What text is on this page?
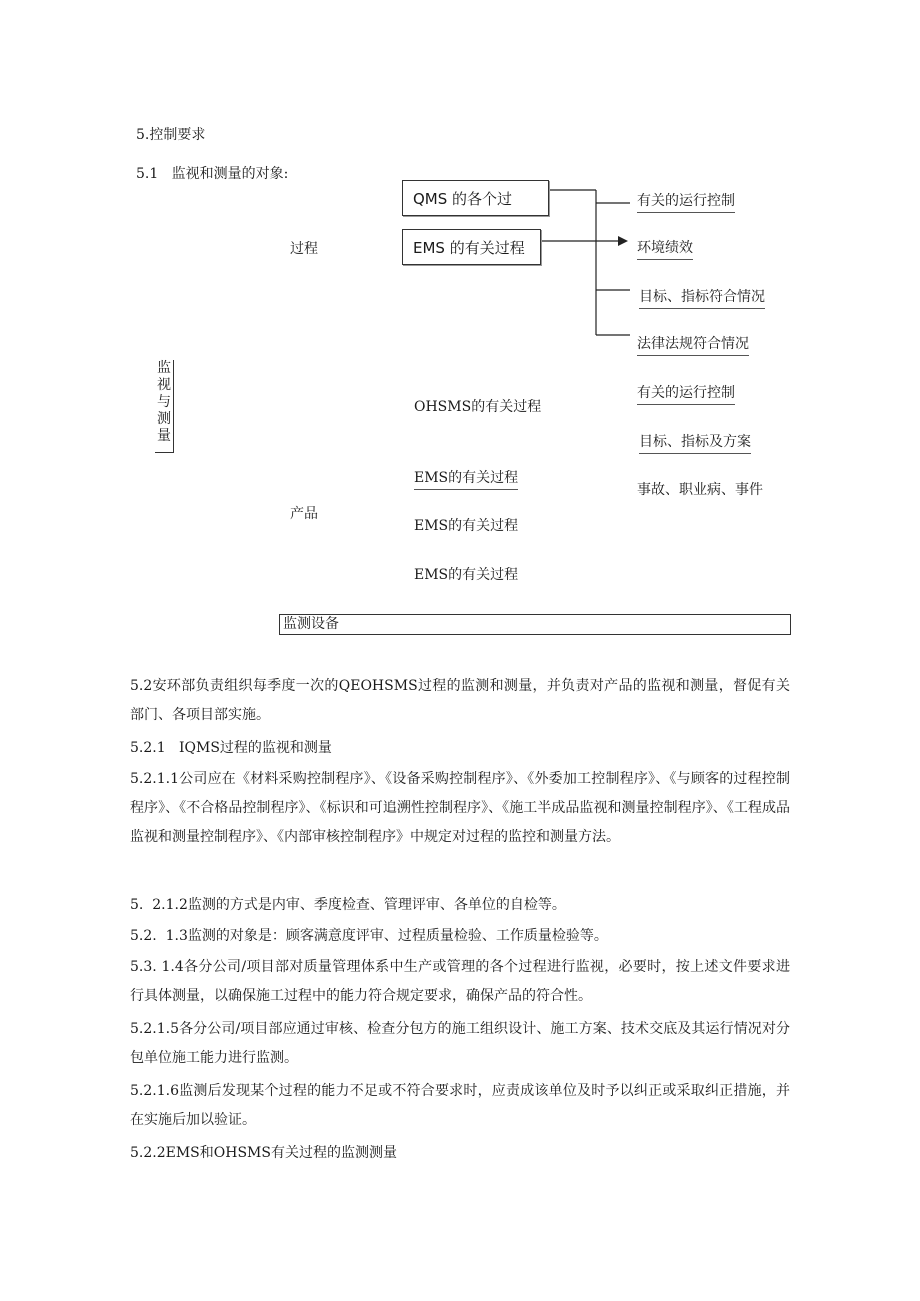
5.控制要求
5.1   监视和测量的对象:
QMS 的各个过
EMS 的有关过程
过程
监视与测量
有关的运行控制
环境绩效
目标、指标符合情况
法律法规符合情况
OHSMS的有关过程
有关的运行控制
目标、指标及方案
事故、职业病、事件
EMS的有关过程
产品
EMS的有关过程
EMS的有关过程
监测设备
5.2安环部负责组织每季度一次的QEOHSMS过程的监测和测量，并负责对产品的监视和测量，督促有关部门、各项目部实施。
5.2.1   IQMS过程的监视和测量
5.2.1.1公司应在《材料采购控制程序》、《设备采购控制程序》、《外委加工控制程序》、《与顾客的过程控制程序》、《不合格品控制程序》、《标识和可追溯性控制程序》、《施工半成品监视和测量控制程序》、《工程成品监视和测量控制程序》、《内部审核控制程序》中规定对过程的监控和测量方法。
5.  2.1.2监测的方式是内审、季度检查、管理评审、各单位的自检等。
5.2.  1.3监测的对象是：顾客满意度评审、过程质量检验、工作质量检验等。
5.3. 1.4各分公司/项目部对质量管理体系中生产或管理的各个过程进行监视，必要时，按上述文件要求进行具体测量，以确保施工过程中的能力符合规定要求，确保产品的符合性。
5.2.1.5各分公司/项目部应通过审核、检查分包方的施工组织设计、施工方案、技术交底及其运行情况对分包单位施工能力进行监测。
5.2.1.6监测后发现某个过程的能力不足或不符合要求时，应责成该单位及时予以纠正或采取纠正措施，并在实施后加以验证。
5.2.2EMS和OHSMS有关过程的监测测量
